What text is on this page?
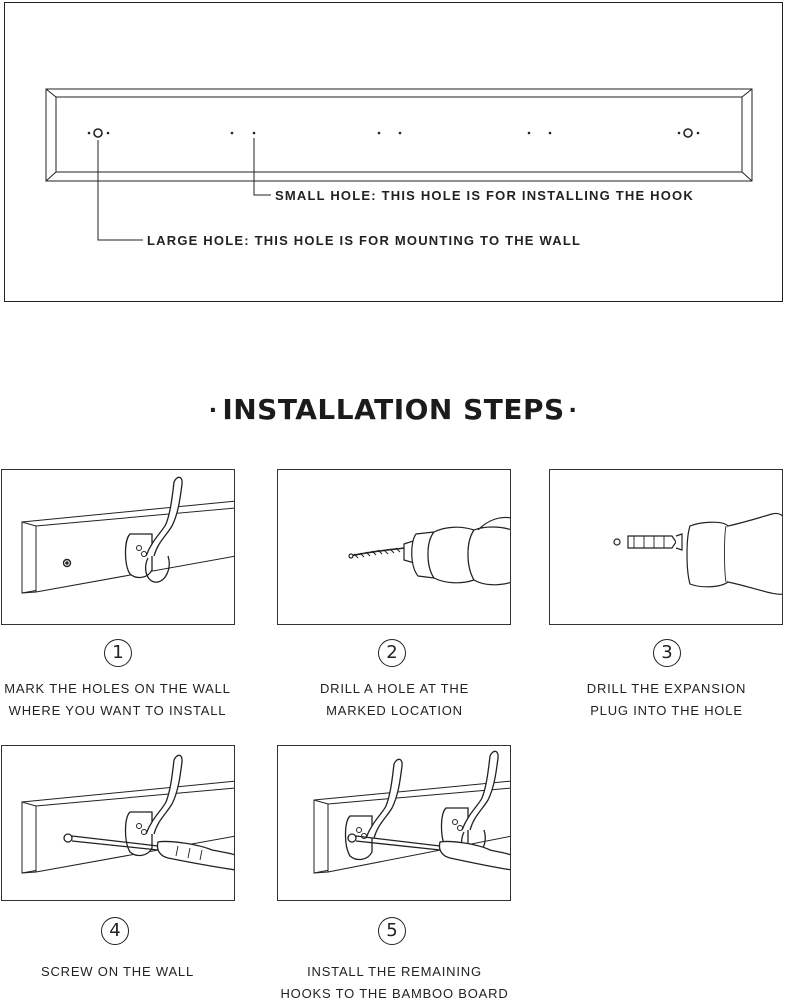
SMALL HOLE: THIS HOLE IS FOR INSTALLING THE HOOK
LARGE HOLE: THIS HOLE IS FOR MOUNTING TO THE WALL
· INSTALLATION STEPS ·
1
MARK THE HOLES ON THE WALL
WHERE YOU WANT TO INSTALL
2
DRILL A HOLE AT THE
MARKED LOCATION
3
DRILL THE EXPANSION
PLUG INTO THE HOLE
4
SCREW ON THE WALL
5
INSTALL THE REMAINING
HOOKS TO THE BAMBOO BOARD
